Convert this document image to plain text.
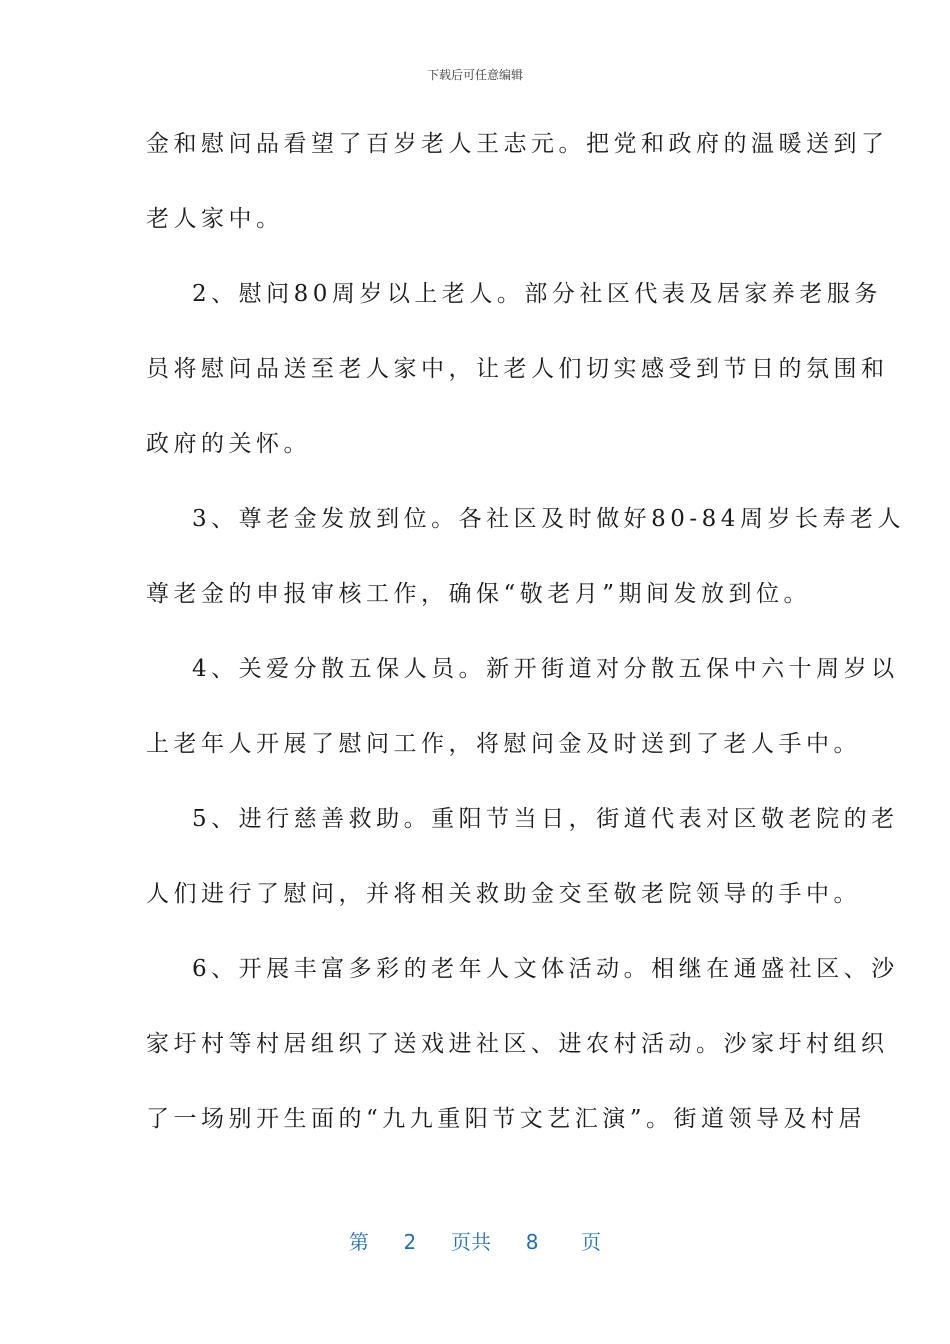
下载后可任意编辑
金和慰问品看望了百岁老人王志元。把党和政府的温暖送到了
老人家中。
2、慰问80周岁以上老人。部分社区代表及居家养老服务
员将慰问品送至老人家中，让老人们切实感受到节日的氛围和
政府的关怀。
3、尊老金发放到位。各社区及时做好80-84周岁长寿老人
尊老金的申报审核工作，确保“敬老月”期间发放到位。
4、关爱分散五保人员。新开街道对分散五保中六十周岁以
上老年人开展了慰问工作，将慰问金及时送到了老人手中。
5、进行慈善救助。重阳节当日，街道代表对区敬老院的老
人们进行了慰问，并将相关救助金交至敬老院领导的手中。
6、开展丰富多彩的老年人文体活动。相继在通盛社区、沙
家圩村等村居组织了送戏进社区、进农村活动。沙家圩村组织
了一场别开生面的“九九重阳节文艺汇演”。街道领导及村居
第 2 页共 8 页
